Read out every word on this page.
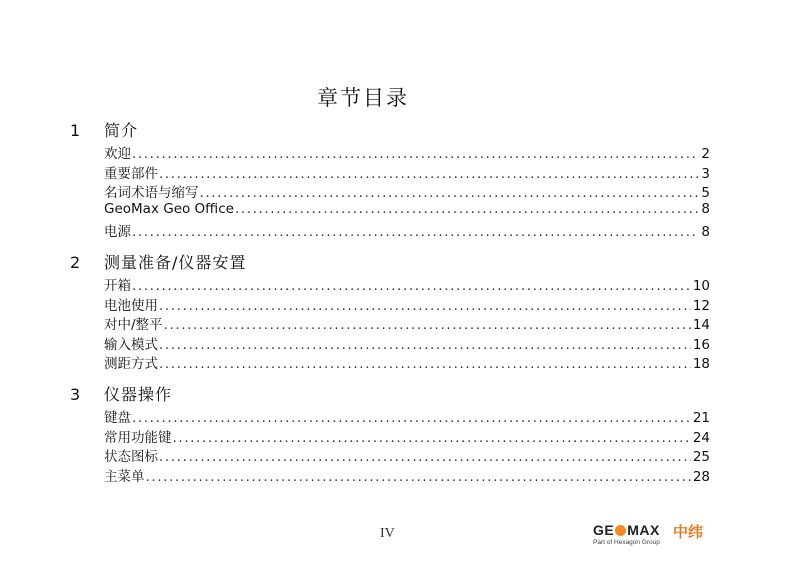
章节目录
1	简介
欢迎 .....	2
重要部件 .....	3
名词术语与缩写 .....	5
GeoMax Geo Office .....	8
电源 .....	8
2	测量准备/仪器安置
开箱 .....	10
电池使用 .....	12
对中/整平 .....	14
输入模式 .....	16
测距方式 .....	18
3	仪器操作
键盘 .....	21
常用功能键 .....	24
状态图标 .....	25
主菜单 .....	28
IV	GE MAX 中纬
Part of Hexagon Group
